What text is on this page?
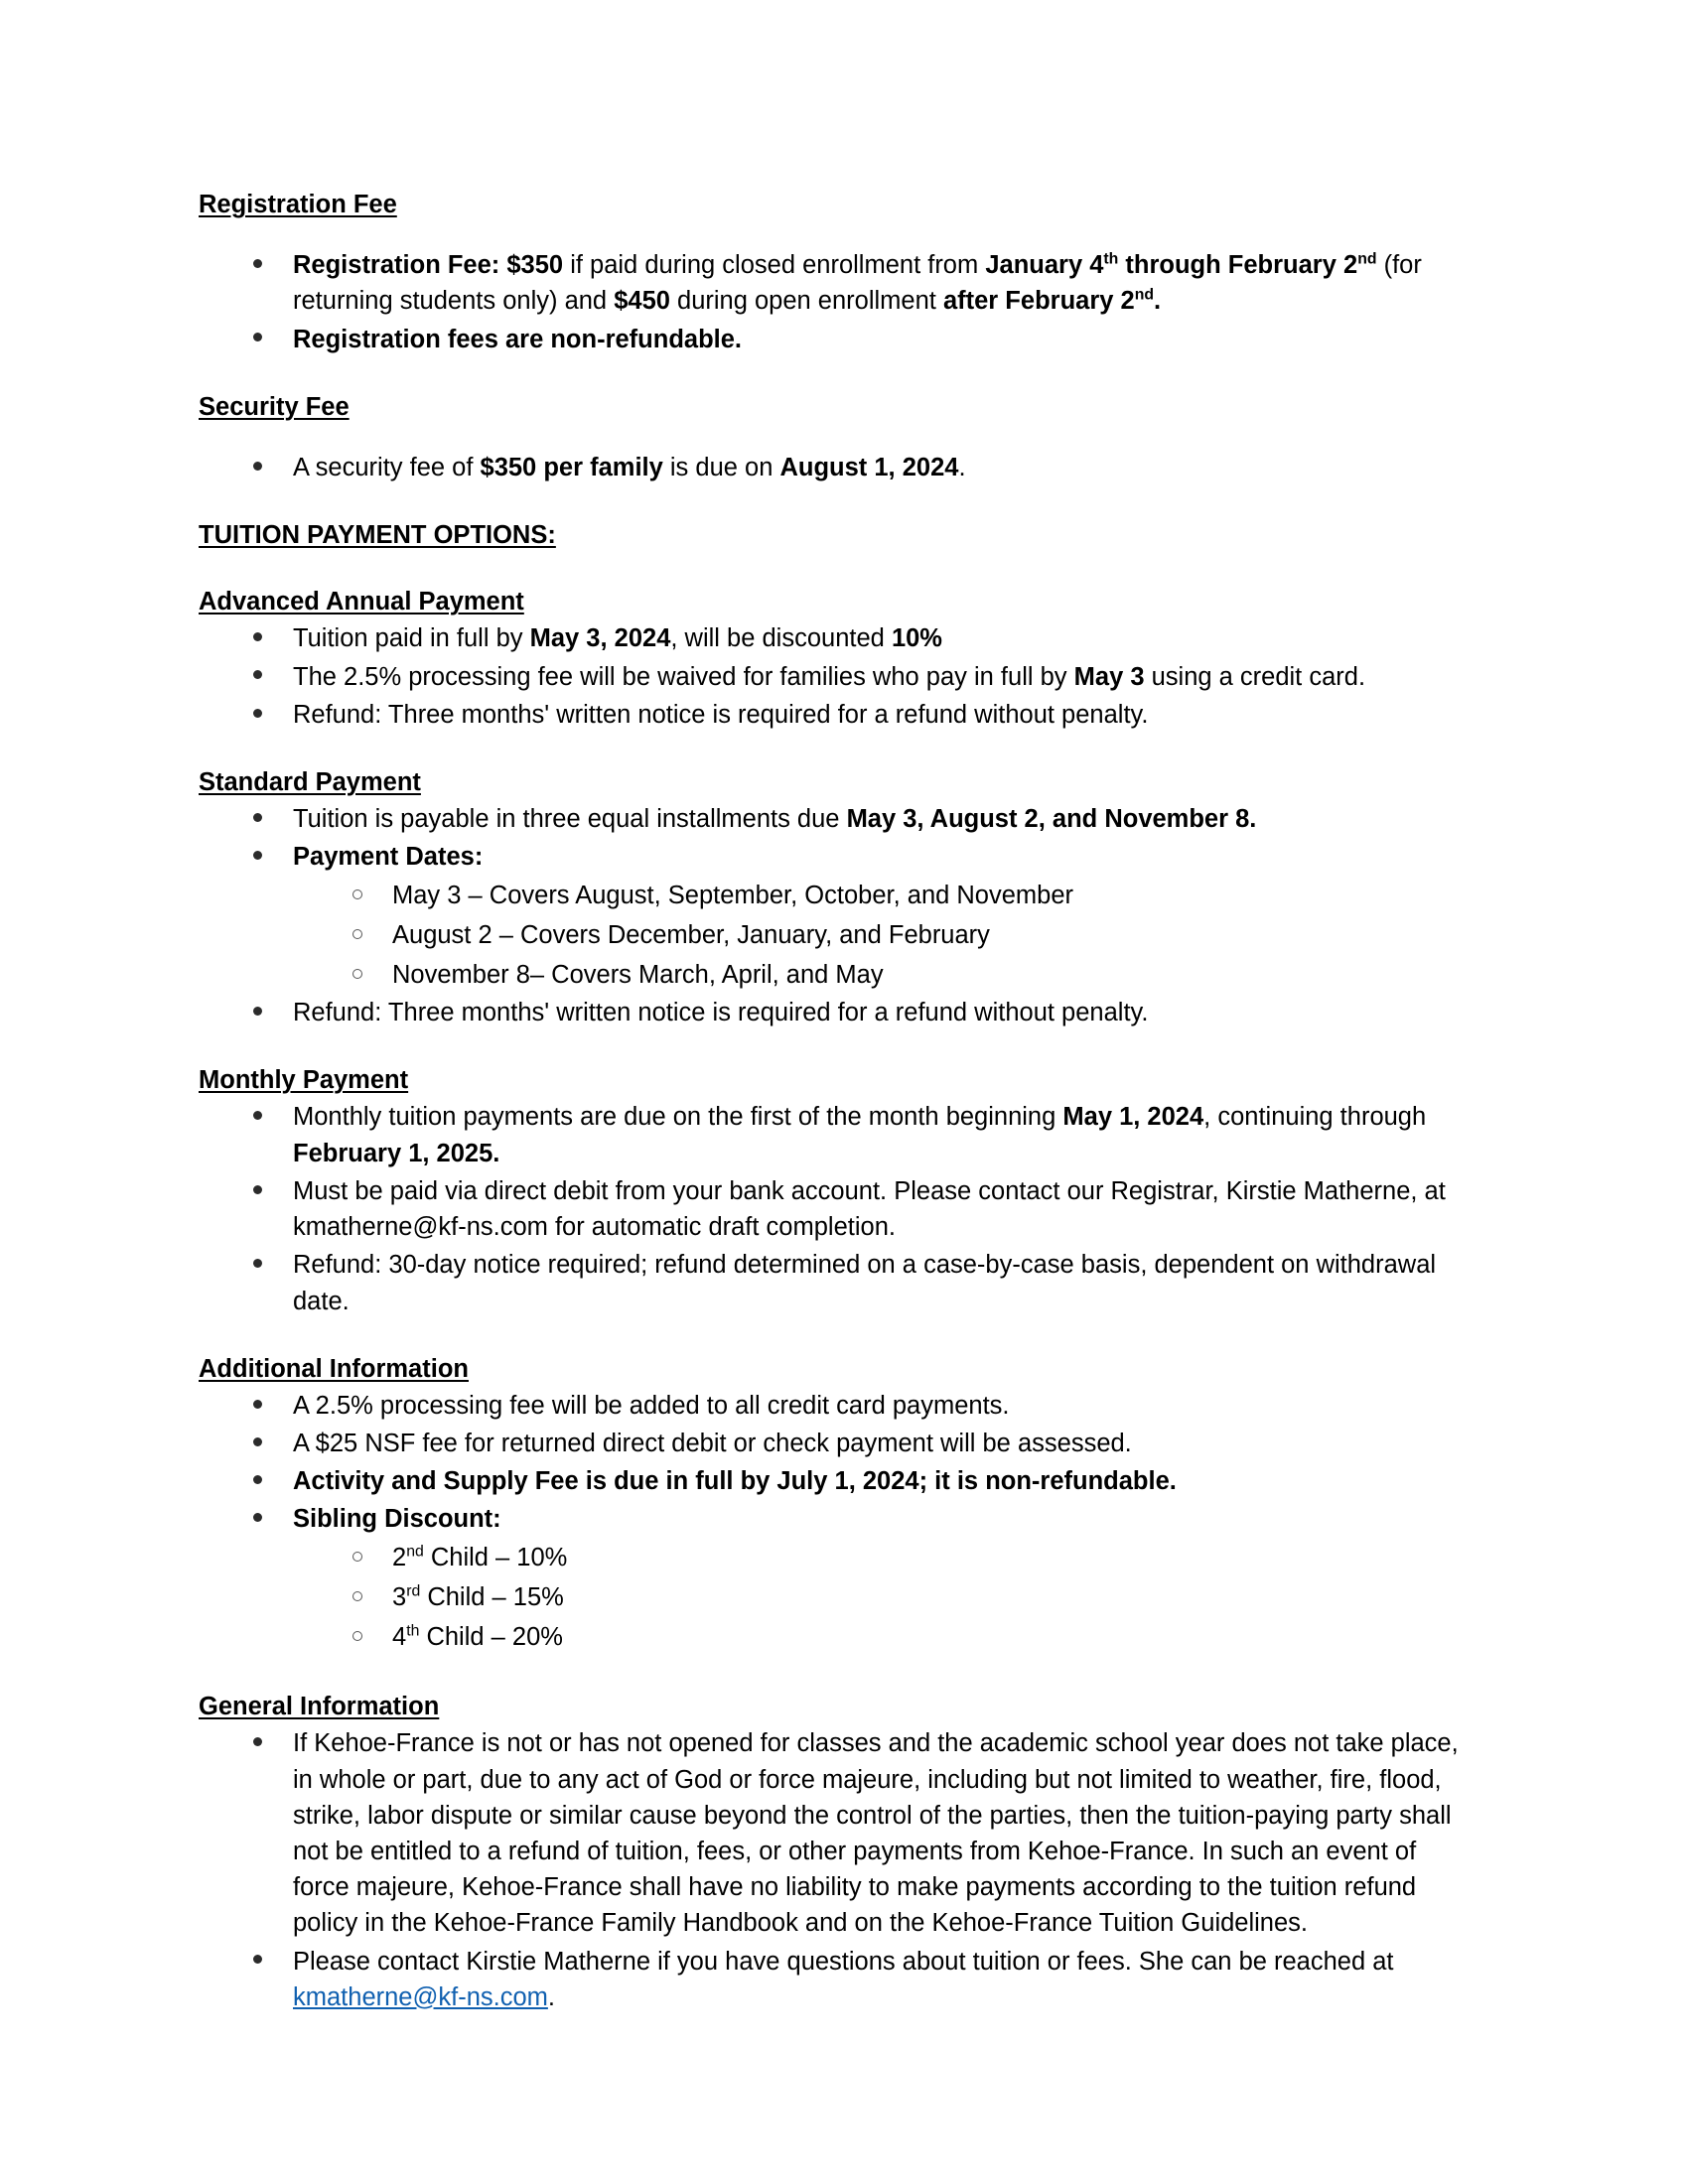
Registration Fee
Registration Fee: $350 if paid during closed enrollment from January 4th through February 2nd (for returning students only) and $450 during open enrollment after February 2nd.
Registration fees are non-refundable.
Security Fee
A security fee of $350 per family is due on August 1, 2024.
TUITION PAYMENT OPTIONS:
Advanced Annual Payment
Tuition paid in full by May 3, 2024, will be discounted 10%
The 2.5% processing fee will be waived for families who pay in full by May 3 using a credit card.
Refund: Three months' written notice is required for a refund without penalty.
Standard Payment
Tuition is payable in three equal installments due May 3, August 2, and November 8.
Payment Dates:
May 3 – Covers August, September, October, and November
August 2 – Covers December, January, and February
November 8– Covers March, April, and May
Refund: Three months' written notice is required for a refund without penalty.
Monthly Payment
Monthly tuition payments are due on the first of the month beginning May 1, 2024, continuing through February 1, 2025.
Must be paid via direct debit from your bank account. Please contact our Registrar, Kirstie Matherne, at kmatherne@kf-ns.com for automatic draft completion.
Refund: 30-day notice required; refund determined on a case-by-case basis, dependent on withdrawal date.
Additional Information
A 2.5% processing fee will be added to all credit card payments.
A $25 NSF fee for returned direct debit or check payment will be assessed.
Activity and Supply Fee is due in full by July 1, 2024; it is non-refundable.
Sibling Discount:
2nd Child – 10%
3rd Child – 15%
4th Child – 20%
General Information
If Kehoe-France is not or has not opened for classes and the academic school year does not take place, in whole or part, due to any act of God or force majeure, including but not limited to weather, fire, flood, strike, labor dispute or similar cause beyond the control of the parties, then the tuition-paying party shall not be entitled to a refund of tuition, fees, or other payments from Kehoe-France. In such an event of force majeure, Kehoe-France shall have no liability to make payments according to the tuition refund policy in the Kehoe-France Family Handbook and on the Kehoe-France Tuition Guidelines.
Please contact Kirstie Matherne if you have questions about tuition or fees. She can be reached at kmatherne@kf-ns.com.
